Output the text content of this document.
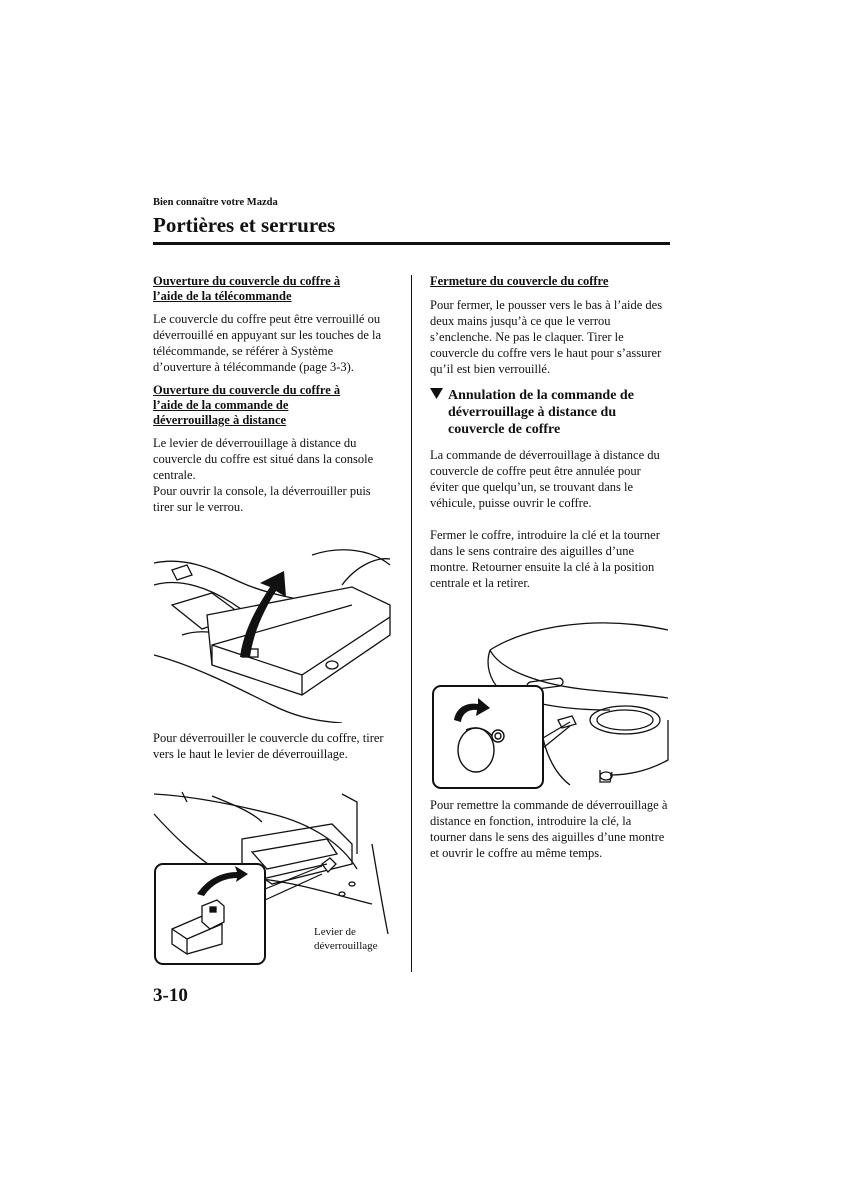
Bien connaître votre Mazda
Portières et serrures
Ouverture du couvercle du coffre à
l’aide de la télécommande

Le couvercle du coffre peut être verrouillé ou déverrouillé en appuyant sur les touches de la télécommande, se référer à Système d’ouverture à télécommande (page 3-3).

Ouverture du couvercle du coffre à
l’aide de la commande de
déverrouillage à distance

Le levier de déverrouillage à distance du couvercle du coffre est situé dans la console centrale.

Pour ouvrir la console, la déverrouiller puis tirer sur le verrou.

Pour déverrouiller le couvercle du coffre, tirer vers le haut le levier de déverrouillage.

Levier de déverrouillage
Fermeture du couvercle du coffre

Pour fermer, le pousser vers le bas à l’aide des deux mains jusqu’à ce que le verrou s’enclenche. Ne pas le claquer. Tirer le couvercle du coffre vers le haut pour s’assurer qu’il est bien verrouillé.

Annulation de la commande de déverrouillage à distance du couvercle de coffre

La commande de déverrouillage à distance du couvercle de coffre peut être annulée pour éviter que quelqu’un, se trouvant dans le véhicule, puisse ouvrir le coffre.

Fermer le coffre, introduire la clé et la tourner dans le sens contraire des aiguilles d’une montre. Retourner ensuite la clé à la position centrale et la retirer.

Pour remettre la commande de déverrouillage à distance en fonction, introduire la clé, la tourner dans le sens des aiguilles d’une montre et ouvrir le coffre au même temps.

3-10
